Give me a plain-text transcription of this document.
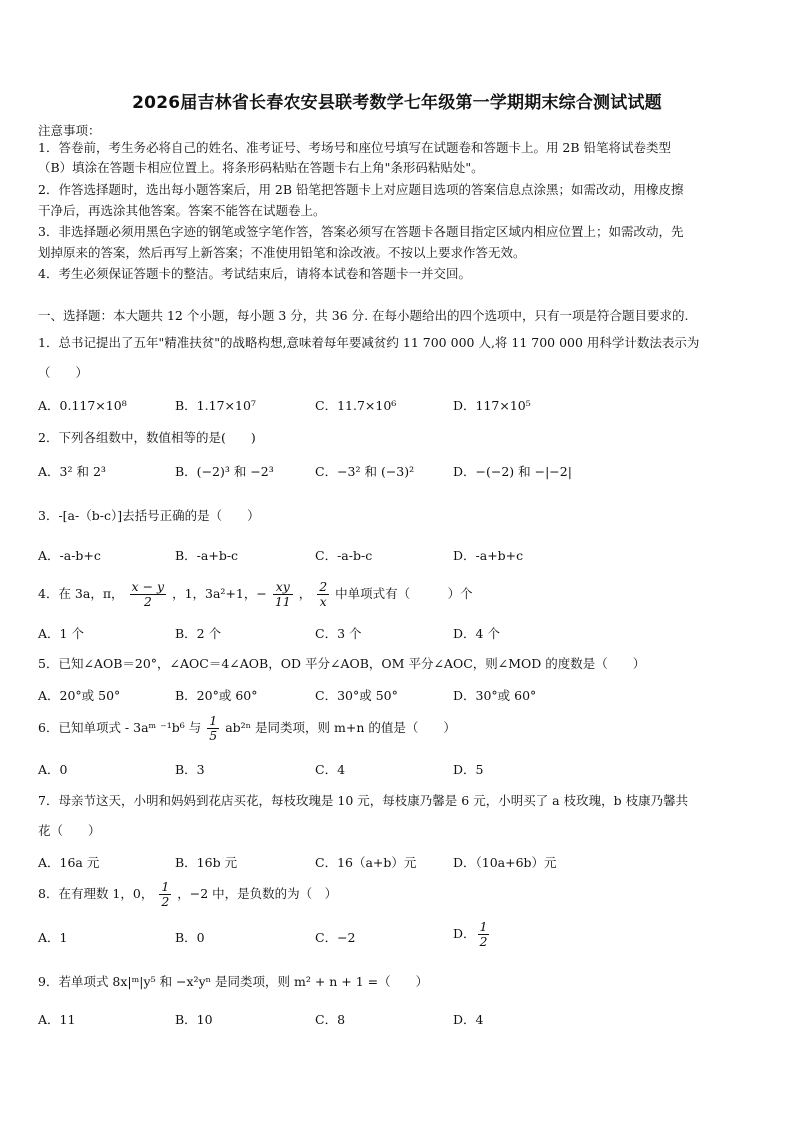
2026届吉林省长春农安县联考数学七年级第一学期期末综合测试试题
注意事项：
1．答卷前，考生务必将自己的姓名、准考证号、考场号和座位号填写在试题卷和答题卡上。用 2B 铅笔将试卷类型
（B）填涂在答题卡相应位置上。将条形码粘贴在答题卡右上角"条形码粘贴处"。
2．作答选择题时，选出每小题答案后，用 2B 铅笔把答题卡上对应题目选项的答案信息点涂黑；如需改动，用橡皮擦
干净后，再选涂其他答案。答案不能答在试题卷上。
3．非选择题必须用黑色字迹的钢笔或签字笔作答，答案必须写在答题卡各题目指定区域内相应位置上；如需改动，先
划掉原来的答案，然后再写上新答案；不准使用铅笔和涂改液。不按以上要求作答无效。
4．考生必须保证答题卡的整洁。考试结束后，请将本试卷和答题卡一并交回。
一、选择题：本大题共 12 个小题，每小题 3 分，共 36 分. 在每小题给出的四个选项中，只有一项是符合题目要求的.
1．总书记提出了五年"精准扶贫"的战略构想,意味着每年要减贫约 11 700 000 人,将 11 700 000 用科学计数法表示为
（　　）
A．0.117×10⁸	B．1.17×10⁷	C．11.7×10⁶	D．117×10⁵
2．下列各组数中，数值相等的是(　　)
A．3² 和 2³	B．(−2)³ 和 −2³	C．−3² 和 (−3)²	D．−(−2) 和 −|−2|
3．-[a-（b-c）]去括号正确的是（　　）
A．-a-b+c	B．-a+b-c	C．-a-b-c	D．-a+b+c
4．在 3a，π， $\frac{x - y}{2}$ ，1，3a²+1，− $\frac{xy}{11}$ ， $\frac{2}{x}$ 中单项式有（　　　）个
A．1 个	B．2 个	C．3 个	D．4 个
5．已知∠AOB＝20°，∠AOC＝4∠AOB，OD 平分∠AOB，OM 平分∠AOC，则∠MOD 的度数是（　　）
A．20°或 50°	B．20°或 60°	C．30°或 50°	D．30°或 60°
6．已知单项式 - 3aᵐ ⁻¹b⁶ 与 $\frac{1}{5} ab^{2n}$ 是同类项，则 m+n 的值是（　　）
A．0	B．3	C．4	D．5
7．母亲节这天，小明和妈妈到花店买花，每枝玫瑰是 10 元，每枝康乃馨是 6 元，小明买了 a 枝玫瑰，b 枝康乃馨共
花（　　）
A．16a 元	B．16b 元	C．16（a+b）元	D．（10a+6b）元
8．在有理数 1，0， $\frac{1}{2}$ ，−2 中，是负数的为（　）
A．1	B．0	C．−2	D． $\frac{1}{2}$
9．若单项式 8x|ᵐ|y⁵ 和 −x²yⁿ 是同类项，则 m² + n + 1 =（　　）
A．11	B．10	C．8	D．4
